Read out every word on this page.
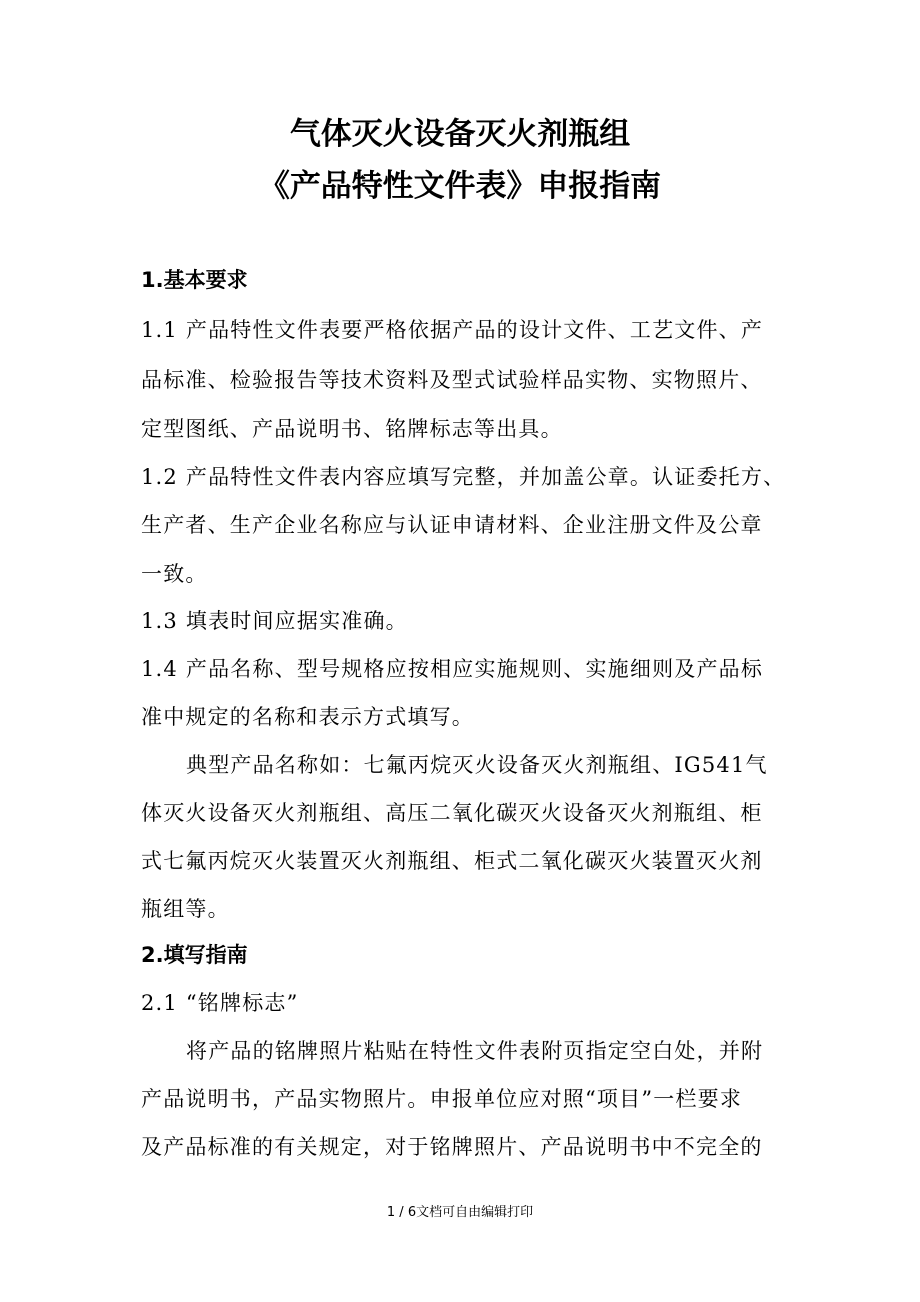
气体灭火设备灭火剂瓶组
《产品特性文件表》申报指南
1.基本要求
1.1 产品特性文件表要严格依据产品的设计文件、工艺文件、产
品标准、检验报告等技术资料及型式试验样品实物、实物照片、
定型图纸、产品说明书、铭牌标志等出具。
1.2 产品特性文件表内容应填写完整，并加盖公章。认证委托方、
生产者、生产企业名称应与认证申请材料、企业注册文件及公章
一致。
1.3 填表时间应据实准确。
1.4 产品名称、型号规格应按相应实施规则、实施细则及产品标
准中规定的名称和表示方式填写。
典型产品名称如：七氟丙烷灭火设备灭火剂瓶组、IG541气
体灭火设备灭火剂瓶组、高压二氧化碳灭火设备灭火剂瓶组、柜
式七氟丙烷灭火装置灭火剂瓶组、柜式二氧化碳灭火装置灭火剂
瓶组等。
2.填写指南
2.1 “铭牌标志”
将产品的铭牌照片粘贴在特性文件表附页指定空白处，并附
产品说明书，产品实物照片。申报单位应对照“项目”一栏要求
及产品标准的有关规定，对于铭牌照片、产品说明书中不完全的
1 / 6文档可自由编辑打印
